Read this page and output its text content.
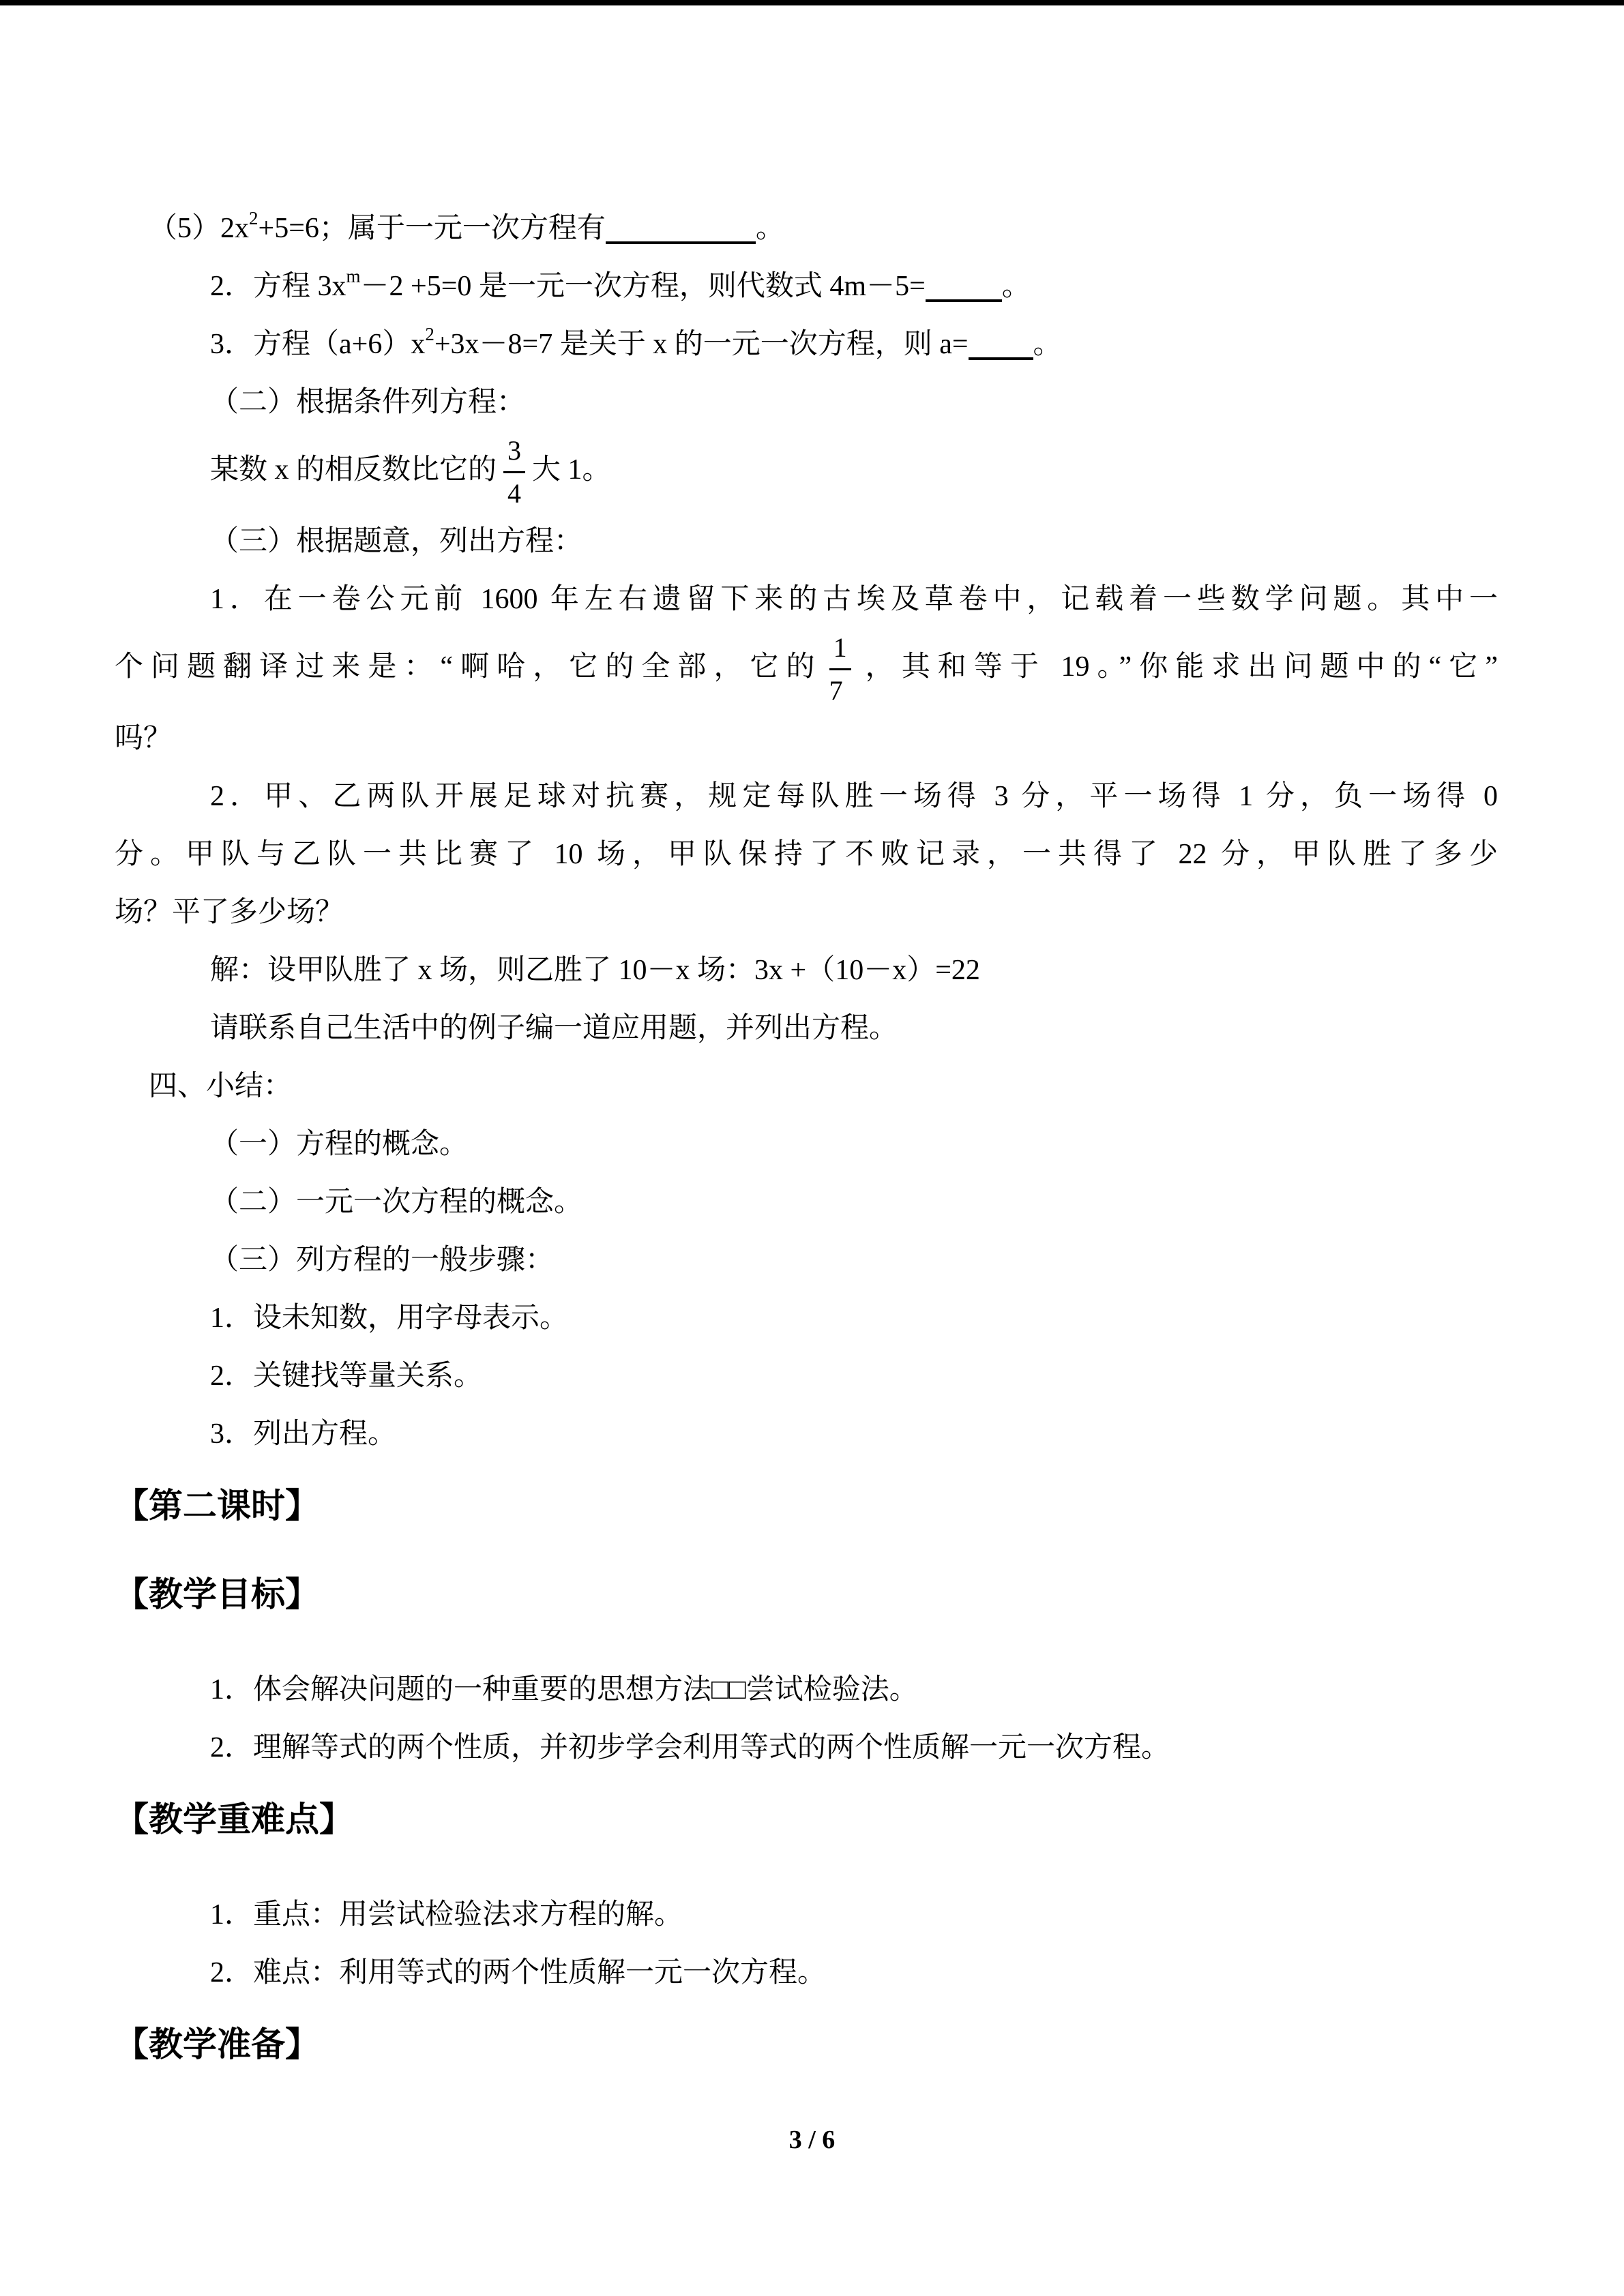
$(5)2x^2+5=6$；属于一元一次方程有	。

2．方程 $3x^m-2 +5=0$ 是一元一次方程，则代数式 4m－5=	。

3．方程$(a+6)x^2+3x-8=7$ 是关于 x 的一元一次方程，则 a= 。

（二）根据条件列方程：

某数 x 的相反数比它的 $\frac{3}{4}$ 大 1。

（三）根据题意，列出方程：

1．在一卷公元前 1600 年左右遗留下来的古埃及草卷中，记载着一些数学问题。其中一

个问题翻译过来是：“啊哈，它的全部，它的 $\frac{1}{7}$ ，其和等于 19。”你能求出问题中的“它”

吗？

2．甲、乙两队开展足球对抗赛，规定每队胜一场得 3 分，平一场得 1 分，负一场得 0

分。甲队与乙队一共比赛了 10 场，甲队保持了不败记录，一共得了 22 分，甲队胜了多少

场？平了多少场？

解：设甲队胜了 x 场，则乙胜了 10－x 场：3x +（10－x）=22

请联系自己生活中的例子编一道应用题，并列出方程。

四、小结：

（一）方程的概念。

（二）一元一次方程的概念。

（三）列方程的一般步骤：

1．设未知数，用字母表示。

2．关键找等量关系。

3．列出方程。

【第二课时】

【教学目标】

1．体会解决问题的一种重要的思想方法□□尝试检验法。

2．理解等式的两个性质，并初步学会利用等式的两个性质解一元一次方程。

【教学重难点】

1．重点：用尝试检验法求方程的解。

2．难点：利用等式的两个性质解一元一次方程。

【教学准备】

3 / 6
